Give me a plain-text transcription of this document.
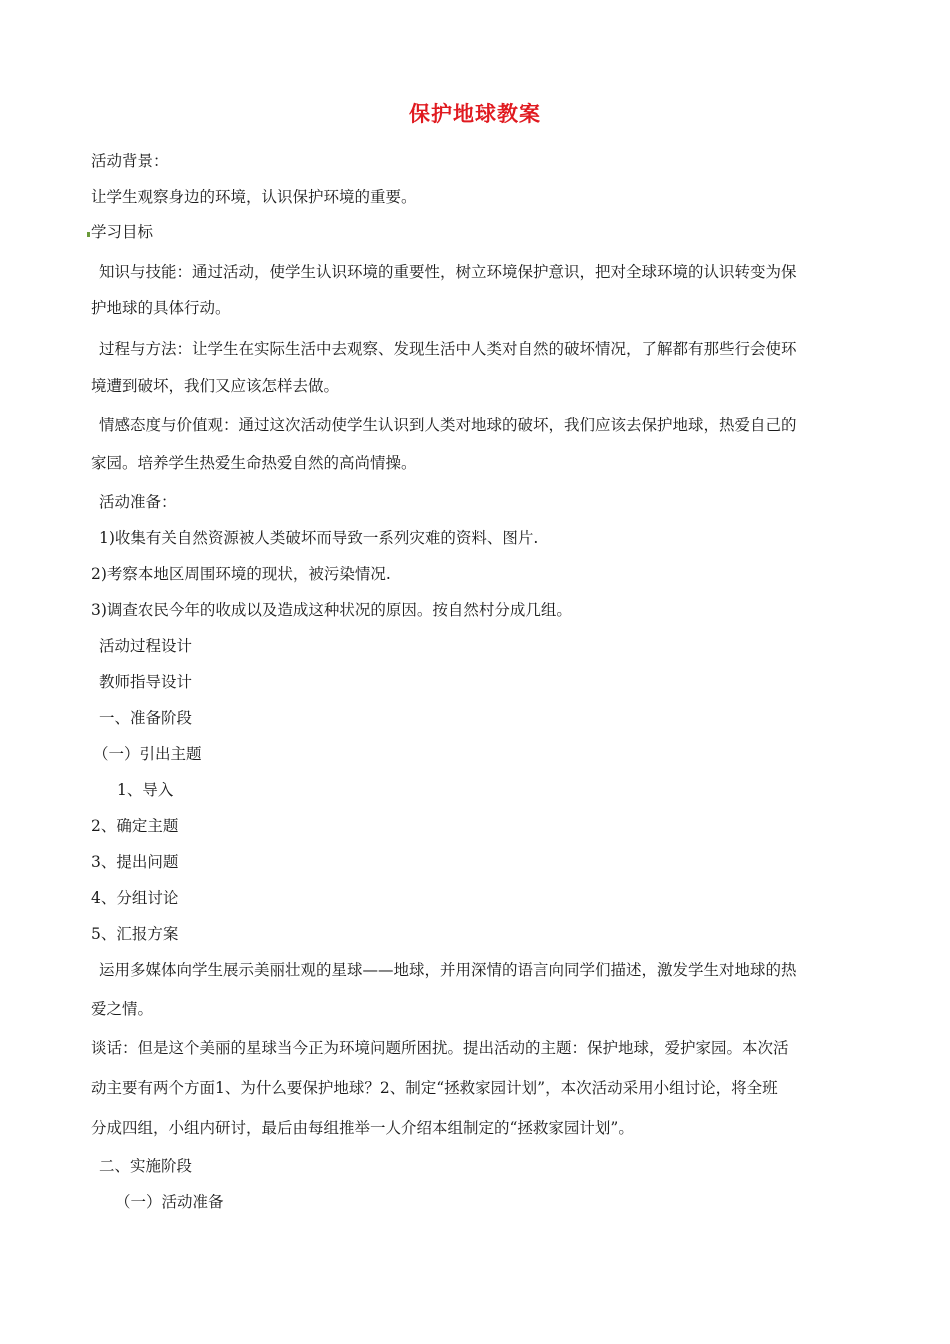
保护地球教案
活动背景：
让学生观察身边的环境，认识保护环境的重要。
学习目标
知识与技能：通过活动，使学生认识环境的重要性，树立环境保护意识，把对全球环境的认识转变为保
护地球的具体行动。
过程与方法：让学生在实际生活中去观察、发现生活中人类对自然的破坏情况，了解都有那些行会使环
境遭到破坏，我们又应该怎样去做。
情感态度与价值观：通过这次活动使学生认识到人类对地球的破坏，我们应该去保护地球，热爱自己的
家园。培养学生热爱生命热爱自然的高尚情操。
活动准备：
1)收集有关自然资源被人类破坏而导致一系列灾难的资料、图片.
2)考察本地区周围环境的现状，被污染情况.
3)调查农民今年的收成以及造成这种状况的原因。按自然村分成几组。
活动过程设计
教师指导设计
一、准备阶段
（一）引出主题
1、导入
2、确定主题
3、提出问题
4、分组讨论
5、汇报方案
运用多媒体向学生展示美丽壮观的星球——地球，并用深情的语言向同学们描述，激发学生对地球的热
爱之情。
谈话：但是这个美丽的星球当今正为环境问题所困扰。提出活动的主题：保护地球，爱护家园。本次活
动主要有两个方面1、为什么要保护地球？2、制定“拯救家园计划”，本次活动采用小组讨论，将全班
分成四组，小组内研讨，最后由每组推举一人介绍本组制定的“拯救家园计划”。
二、实施阶段
（一）活动准备
